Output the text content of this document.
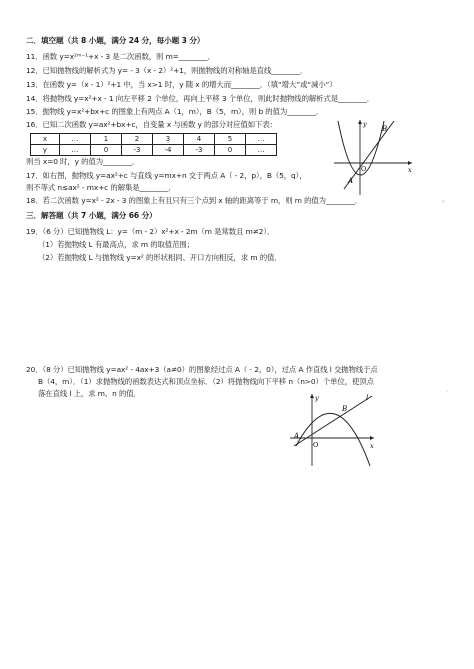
二．填空题（共 8 小题，满分 24 分，每小题 3 分）
11．函数 y=x²ᵐ⁻¹+x - 3 是二次函数，则 m=________．
12．已知抛物线的解析式为 y= - 3（x - 2）²+1，则抛物线的对称轴是直线________．
13．在函数 y=（x - 1）²+1 中，当 x>1 时，y 随 x 的增大而________．（填“增大”或“减小”）
14．将抛物线 y=x²+x - 1 向左平移 2 个单位，再向上平移 3 个单位，则此时抛物线的解析式是________．
15．抛物线 y=x²+bx+c 的图象上有两点 A（1，m），B（5，m），则 b 的值为________．
16．已知二次函数 y=ax²+bx+c，自变量 x 与函数 y 的部分对应值如下表：
x	…	1	2	3	4	5	…
y	…	0	-3	-4	-3	0	…
则当 x=0 时，y 的值为________．
17．如右图，抛物线 y=ax²+c 与直线 y=mx+n 交于两点 A（ - 2，p），B（5，q），
则不等式 n≤ax² - mx+c 的解集是________．
18．若二次函数 y=x² - 2x - 3 的图象上有且只有三个点到 x 轴的距离等于 m，则 m 的值为________．
三．解答题（共 7 小题，满分 66 分）
19．（6 分）已知抛物线 L：y=（m - 2）x²+x - 2m（m 是常数且 m≠2）．
（1）若抛物线 L 有最高点，求 m 的取值范围；
（2）若抛物线 L 与抛物线 y=x² 的形状相同、开口方向相反，求 m 的值．
20．（8 分）已知抛物线 y=ax² - 4ax+3（a≠0）的图象经过点 A（ - 2，0），过点 A 作直线 l 交抛物线于点
B（4，m）．（1）求抛物线的函数表达式和顶点坐标．（2）将抛物线向下平移 n（n>0）个单位，使顶点
落在直线 l 上，求 m、n 的值．
B
A
O	x
y
l
B
A
O	x
y
